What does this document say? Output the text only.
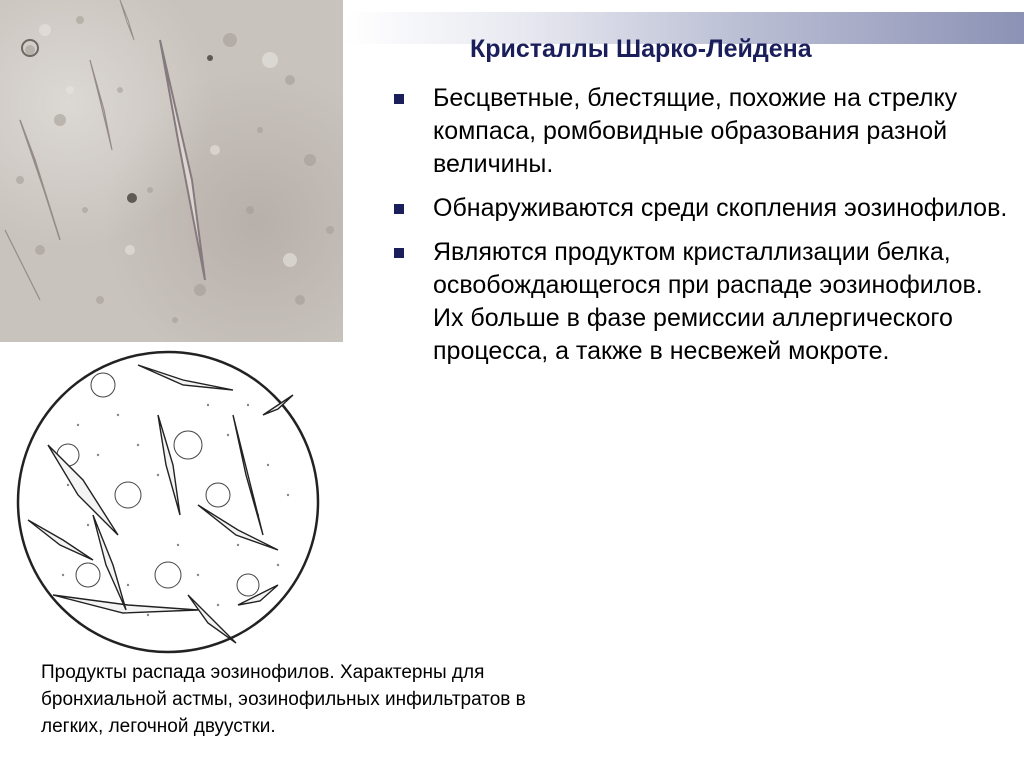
Кристаллы Шарко-Лейдена
Бесцветные, блестящие, похожие на стрелку компаса, ромбовидные образования разной величины.
Обнаруживаются среди скопления эозинофилов.
Являются продуктом кристаллизации белка, освобождающегося при распаде эозинофилов. Их больше в фазе ремиссии аллергического процесса, а также в несвежей мокроте.
Продукты распада эозинофилов. Характерны для бронхиальной астмы, эозинофильных инфильтратов в легких, легочной двуустки.
